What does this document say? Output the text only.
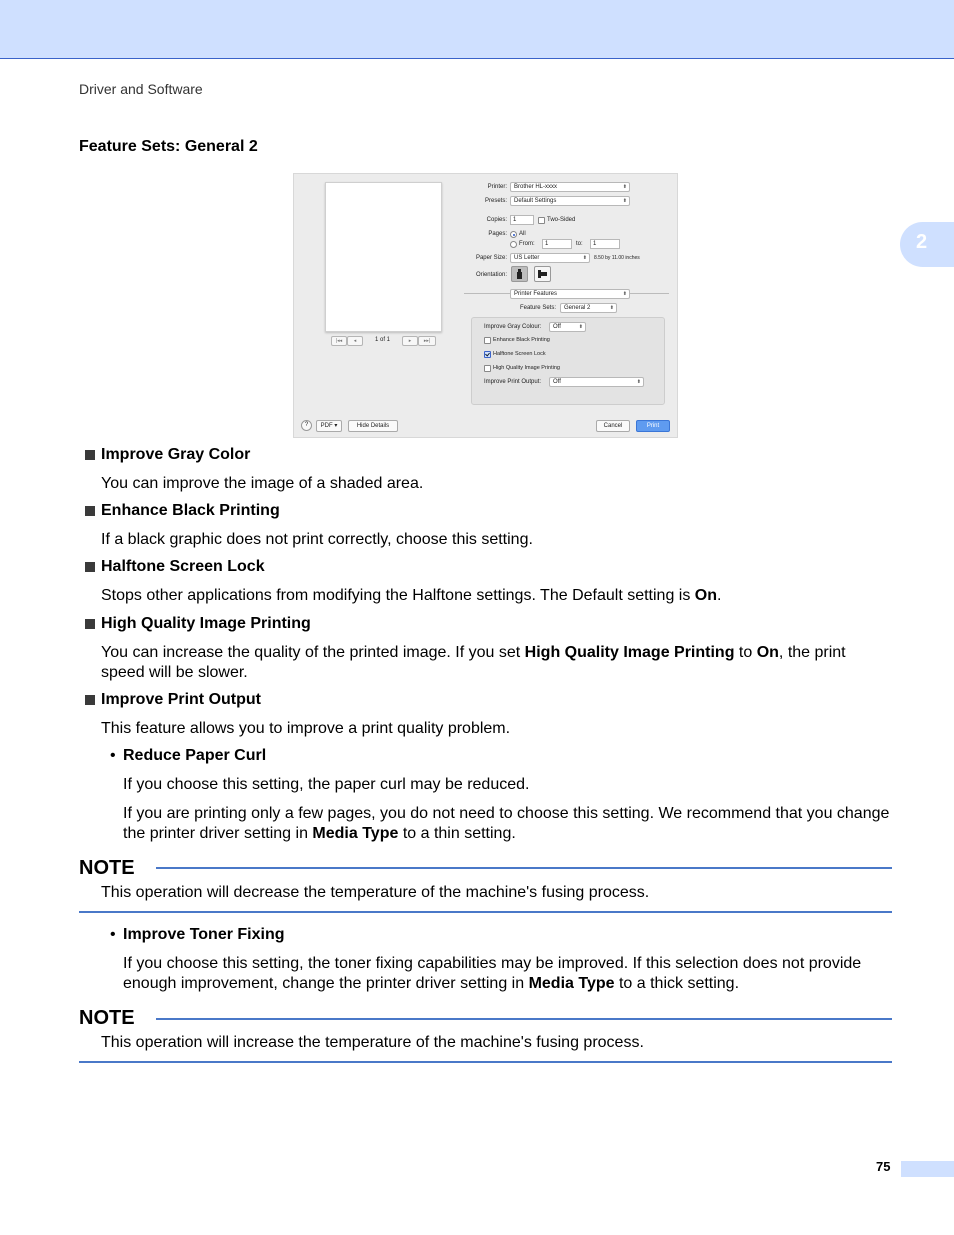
2
Driver and Software
Feature Sets: General 2
|◂◂	◂	1 of 1	▸	▸▸|
Printer:	Brother HL-xxxx	⬍
Presets:	Default Settings	⬍
Copies:	1	Two-Sided
Pages: All
From:	1	to:	1
Paper Size:	US Letter	⬍ 8.50 by 11.00 inches
Orientation:
Printer Features	⬍
Feature Sets:	General 2	⬍
Improve Gray Colour:	Off	⬍
Enhance Black Printing
Halftone Screen Lock
High Quality Image Printing
Improve Print Output:	Off	⬍
?	PDF ▾	Hide Details	Cancel	Print
Improve Gray Color
You can improve the image of a shaded area.
Enhance Black Printing
If a black graphic does not print correctly, choose this setting.
Halftone Screen Lock
Stops other applications from modifying the Halftone settings. The Default setting is On.
High Quality Image Printing
You can increase the quality of the printed image. If you set High Quality Image Printing to On, the print speed will be slower.
Improve Print Output
This feature allows you to improve a print quality problem.
• Reduce Paper Curl
If you choose this setting, the paper curl may be reduced.
If you are printing only a few pages, you do not need to choose this setting. We recommend that you change the printer driver setting in Media Type to a thin setting.
NOTE
This operation will decrease the temperature of the machine's fusing process.
• Improve Toner Fixing
If you choose this setting, the toner fixing capabilities may be improved. If this selection does not provide enough improvement, change the printer driver setting in Media Type to a thick setting.
NOTE
This operation will increase the temperature of the machine's fusing process.
75
